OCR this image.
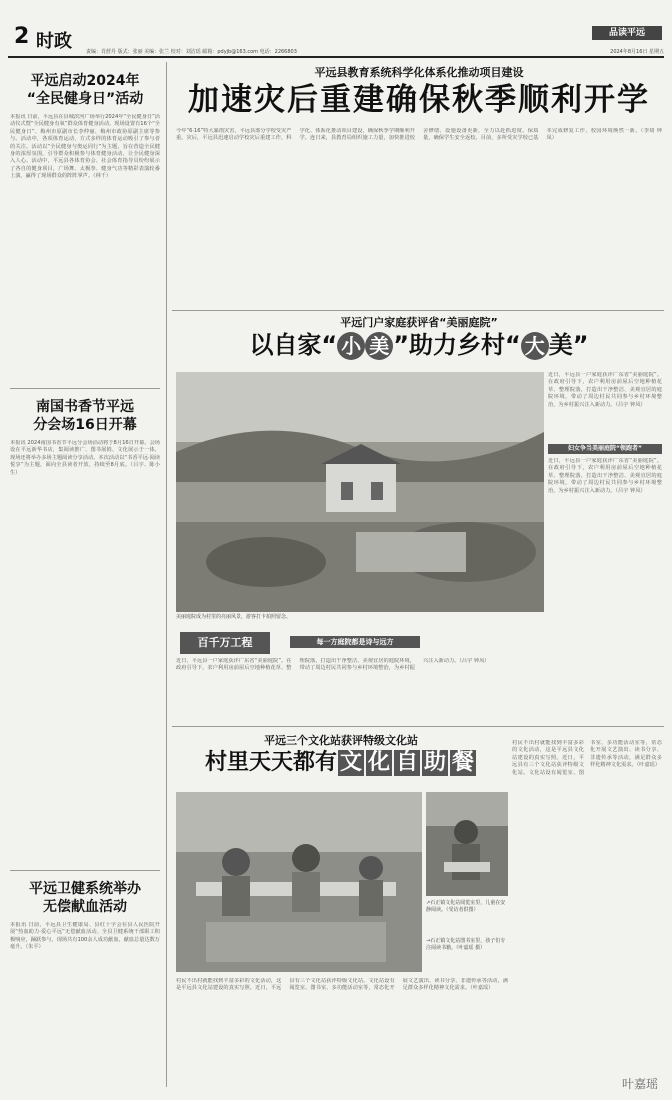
2 时政	责编：肖舒丹 版式：张丽 美编：张兰 校对：刘洁瑶 邮箱：pdyjb@163.com 电话：2266803
品读平远
2024年8月16日 星期五
平远启动2024年
“全民健身日”活动
本报讯 日前，平远县在县城滨河广场举行2024年“全民健身日”活动仪式暨“全民健身有氧”群众体育健身活动。现场设置有16个“全民健身日”、梅州市原副市长李仲丽、梅州市政协原副主席等参与。活动中，各项体育运动，方式多样的体育运动吸引了参与者的关注。活动以“全民健身与奥运同行”为主题，旨在营造全民健身的浓厚氛围，引导群众积极参与体育健身活动，让全民健身深入人心。活动中，平远县各体育协会、社会体育指导员纷纷展示了各自的健身项目，广场舞、太极拳、健身气功等精彩表演轮番上演，赢得了现场群众的阵阵掌声。（林千）
南国书香节平远
分会场16日开幕
本报讯 2024南国书香节平远分会场活动将于8月16日开幕。会场设在平远新华书店，集阅读推广、图书展销、文化展示于一体，现场还将举办多场主题阅读分享活动。本次活动以“书香平远·阅读悦享”为主题，面向全县读者开放，持续至8月底。（吕宇、陈小生）
平远卫健系统举办
无偿献血活动
本报讯 日前，平远县卫生健康局、县红十字会在县人民医院开展“热血助力·爱心平远”无偿献血活动。全县卫健系统干部职工积极响应，踊跃参与，现场共有100余人成功献血，献血总量达数万毫升。（朱平）
平远县教育系统科学化体系化推动项目建设
加速灾后重建确保秋季顺利开学
今年“6·16”特大暴雨灾害，平远县部分学校受灾严重。灾后，平远县迅速启动学校灾后重建工作，科学化、体系化推动项目建设，确保秋季学期顺利开学。连日来，县教育局组织施工力量，加快推进校舍修缮、设施设备更新，全力以赴抓进度、保质量，确保学生安全返校。目前，多所受灾学校已基本完成修复工作，校园环境焕然一新。（李琦 钟凤）
平远门户家庭获评省“美丽庭院”
以自家“ 小 美 ”助力乡村“ 大 美”
美丽庭院成为村里的亮丽风景，游客打卡拍照留念。
近日，平远县一户家庭获评广东省“美丽庭院”。在政府引导下，农户利用房前屋后空地种植花草、整理院落，打造出干净整洁、美观宜居的庭院环境，带动了周边村民共同参与乡村环境整治，为乡村振兴注入新动力。（吕宇 钟凤）
妇女争当美丽庭院“领跑者”
近日，平远县一户家庭获评广东省“美丽庭院”。在政府引导下，农户利用房前屋后空地种植花草、整理院落，打造出干净整洁、美观宜居的庭院环境，带动了周边村民共同参与乡村环境整治，为乡村振兴注入新动力。（吕宇 钟凤）
百千万工程	每一方庭院都是诗与远方
近日，平远县一户家庭获评广东省“美丽庭院”。在政府引导下，农户利用房前屋后空地种植花草、整理院落，打造出干净整洁、美观宜居的庭院环境，带动了周边村民共同参与乡村环境整治，为乡村振兴注入新动力。（吕宇 钟凤）
平远三个文化站获评特级文化站
村里天天都有 文 化 自 助 餐
↗石正镇文化站阅览室里，儿童在安静阅读。（受访者供图）
→石正镇文化站图书室里，孩子们专注阅读书籍。（叶嘉瑶 摄）
村民不出村就能找到丰富多彩的文化活动，这是平远县文化站建设的真实写照。近日，平远县有三个文化站获评特级文化站。文化站设有阅览室、图书室、多功能活动室等，常态化开展文艺演出、读书分享、非遗传承等活动，满足群众多样化精神文化需求。（叶嘉瑶）
村民不出村就能找到丰富多彩的文化活动，这是平远县文化站建设的真实写照。近日，平远县有三个文化站获评特级文化站。文化站设有阅览室、图书室、多功能活动室等，常态化开展文艺演出、读书分享、非遗传承等活动，满足群众多样化精神文化需求。（叶嘉瑶）
叶嘉瑶
